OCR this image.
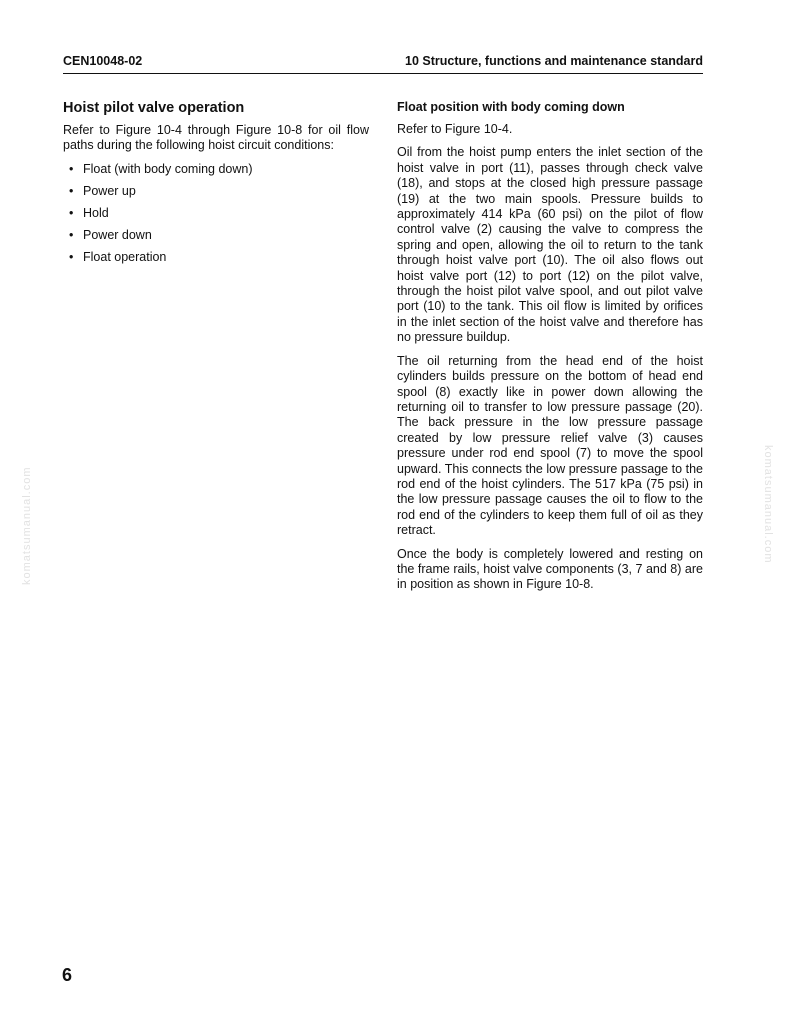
CEN10048-02	10 Structure, functions and maintenance standard
Hoist pilot valve operation

Refer to Figure 10-4 through Figure 10-8 for oil flow paths during the following hoist circuit conditions:

• Float (with body coming down)
• Power up
• Hold
• Power down
• Float operation
Float position with body coming down

Refer to Figure 10-4.

Oil from the hoist pump enters the inlet section of the hoist valve in port (11), passes through check valve (18), and stops at the closed high pressure passage (19) at the two main spools. Pressure builds to approximately 414 kPa (60 psi) on the pilot of flow control valve (2) causing the valve to compress the spring and open, allowing the oil to return to the tank through hoist valve port (10). The oil also flows out hoist valve port (12) to port (12) on the pilot valve, through the hoist pilot valve spool, and out pilot valve port (10) to the tank. This oil flow is limited by orifices in the inlet section of the hoist valve and therefore has no pressure buildup.

The oil returning from the head end of the hoist cylinders builds pressure on the bottom of head end spool (8) exactly like in power down allowing the returning oil to transfer to low pressure passage (20). The back pressure in the low pressure passage created by low pressure relief valve (3) causes pressure under rod end spool (7) to move the spool upward. This connects the low pressure passage to the rod end of the hoist cylinders. The 517 kPa (75 psi) in the low pressure passage causes the oil to flow to the rod end of the cylinders to keep them full of oil as they retract.

Once the body is completely lowered and resting on the frame rails, hoist valve components (3, 7 and 8) are in position as shown in Figure 10-8.

komatsumanual.com	komatsumanual.com
6
